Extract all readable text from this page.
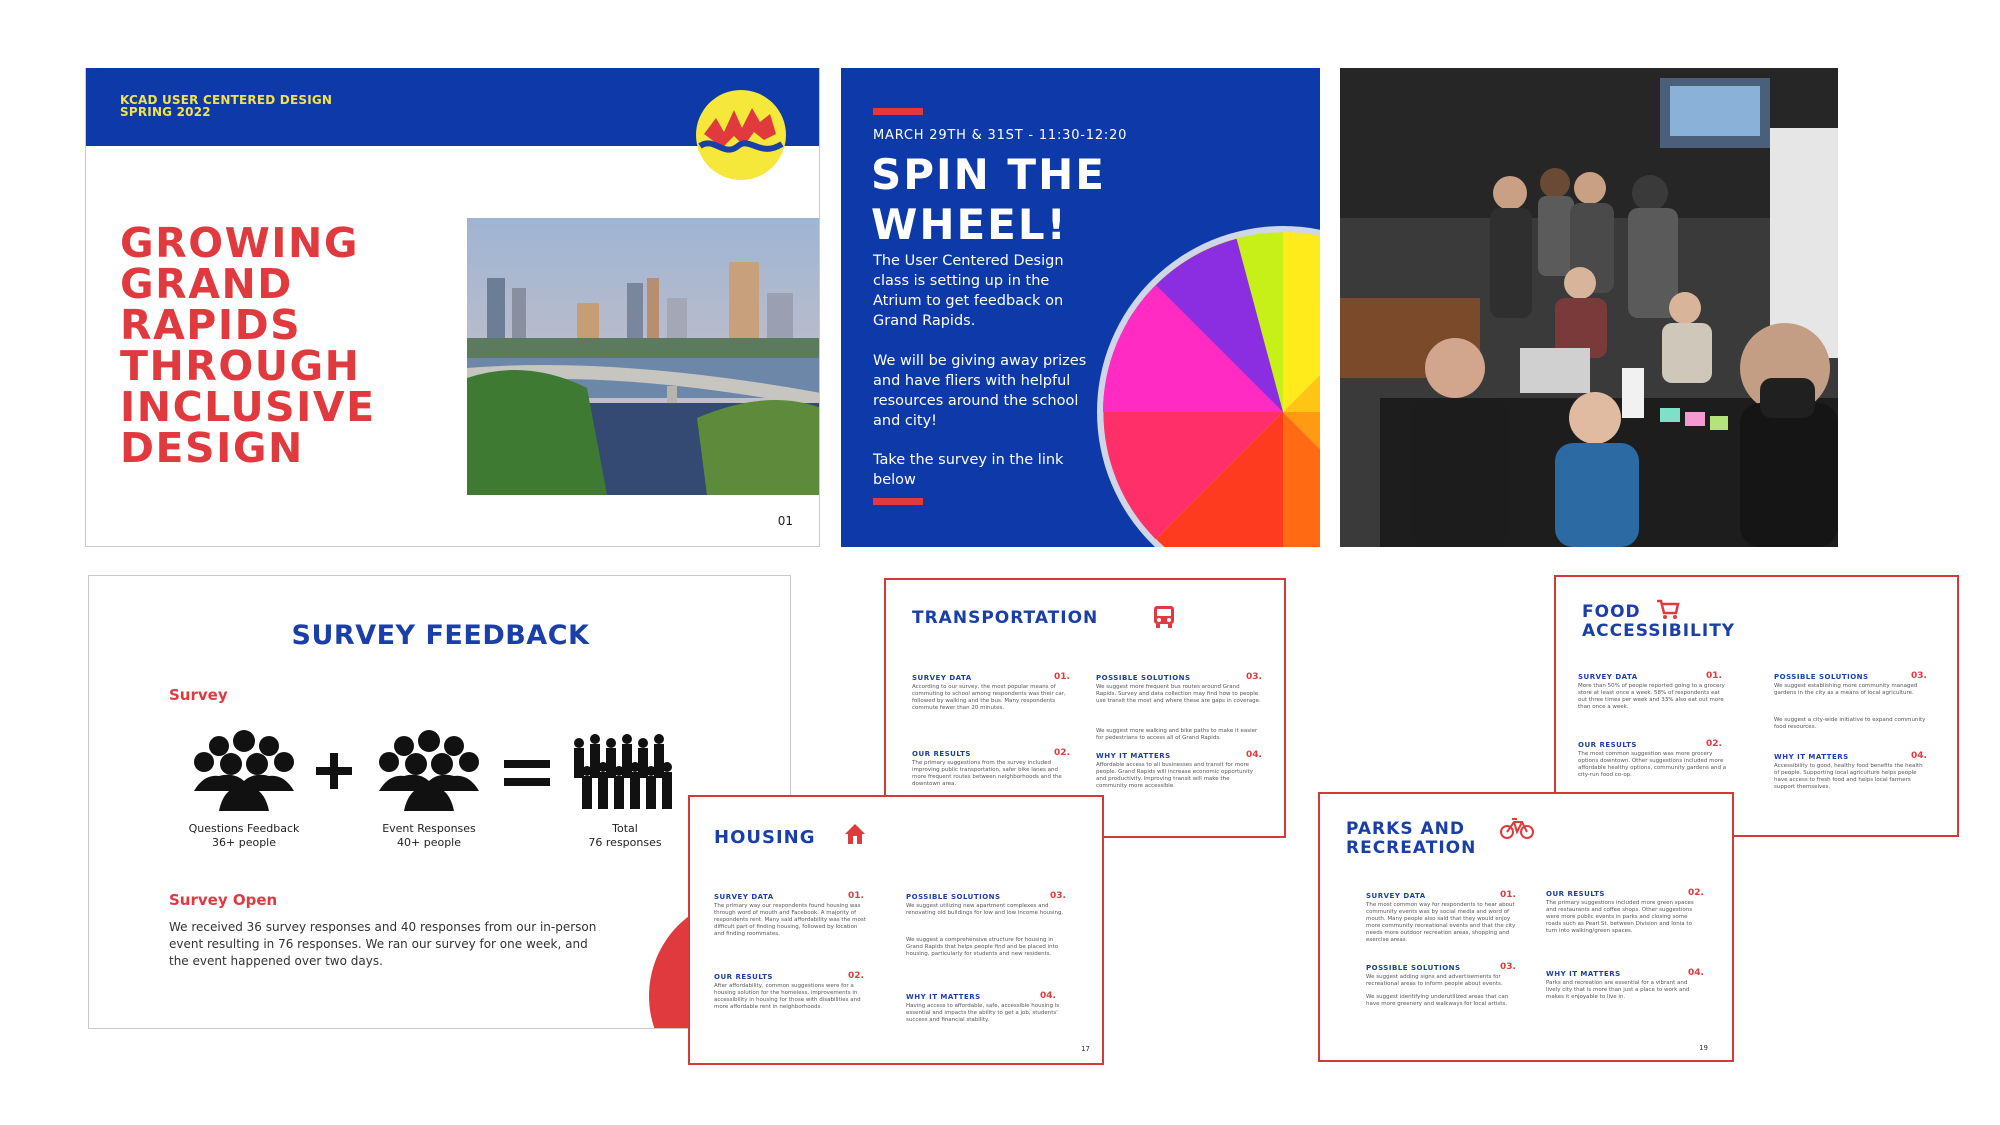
KCAD USER CENTERED DESIGN
SPRING 2022
GROWING
GRAND
RAPIDS
THROUGH
INCLUSIVE
DESIGN
01
MARCH 29TH & 31ST - 11:30-12:20
SPIN THE
WHEEL!
The User Centered Design class is setting up in the Atrium to get feedback on Grand Rapids.
We will be giving away prizes and have fliers with helpful resources around the school and city!
Take the survey in the link below
SURVEY FEEDBACK
Survey
Questions Feedback
36+ people
Event Responses
40+ people
Total
76 responses
Survey Open
We received 36 survey responses and 40 responses from our in-person event resulting in 76 responses. We ran our survey for one week, and the event happened over two days.
TRANSPORTATION
SURVEY DATA	01.
According to our survey, the most popular means of commuting to school among respondents was their car, followed by walking and the bus. Many respondents commute fewer than 20 minutes.
OUR RESULTS	02.
The primary suggestions from the survey included improving public transportation, safer bike lanes and more frequent routes between neighborhoods and the downtown area.
POSSIBLE SOLUTIONS	03.
We suggest more frequent bus routes around Grand Rapids. Survey and data collection may find how to people use transit the most and where these are gaps in coverage.
We suggest more walking and bike paths to make it easier for pedestrians to access all of Grand Rapids.
WHY IT MATTERS	04.
Affordable access to all businesses and transit for more people. Grand Rapids will increase economic opportunity and productivity. Improving transit will make the community more accessible.
FOOD
ACCESSIBILITY
SURVEY DATA	01.
More than 50% of people reported going to a grocery store at least once a week. 58% of respondents eat out three times per week and 33% also eat out more than once a week.
OUR RESULTS	02.
The most common suggestion was more grocery options downtown. Other suggestions included more affordable healthy options, community gardens and a city-run food co-op.
POSSIBLE SOLUTIONS	03.
We suggest establishing more community managed gardens in the city as a means of local agriculture.
We suggest a city-wide initiative to expand community food resources.
WHY IT MATTERS	04.
Accessibility to good, healthy food benefits the health of people. Supporting local agriculture helps people have access to fresh food and helps local farmers support themselves.
HOUSING
SURVEY DATA	01.
The primary way our respondents found housing was through word of mouth and Facebook. A majority of respondents rent. Many said affordability was the most difficult part of finding housing, followed by location and finding roommates.
OUR RESULTS	02.
After affordability, common suggestions were for a housing solution for the homeless, improvements in accessibility in housing for those with disabilities and more affordable rent in neighborhoods.
POSSIBLE SOLUTIONS	03.
We suggest utilizing new apartment complexes and renovating old buildings for low and low income housing.
We suggest a comprehensive structure for housing in Grand Rapids that helps people find and be placed into housing, particularly for students and new residents.
WHY IT MATTERS	04.
Having access to affordable, safe, accessible housing is essential and impacts the ability to get a job, students' success and financial stability.
17
PARKS AND
RECREATION
SURVEY DATA	01.
The most common way for respondents to hear about community events was by social media and word of mouth. Many people also said that they would enjoy more community recreational events and that the city needs more outdoor recreation areas, shopping and exercise areas.
POSSIBLE SOLUTIONS	03.
We suggest adding signs and advertisements for recreational areas to inform people about events.
We suggest identifying underutilized areas that can have more greenery and walkways for local artists.
OUR RESULTS	02.
The primary suggestions included more green spaces and restaurants and coffee shops. Other suggestions were more public events in parks and closing some roads such as Pearl St. between Division and Ionia to turn into walking/green spaces.
WHY IT MATTERS	04.
Parks and recreation are essential for a vibrant and lively city that is more than just a place to work and makes it enjoyable to live in.
19
